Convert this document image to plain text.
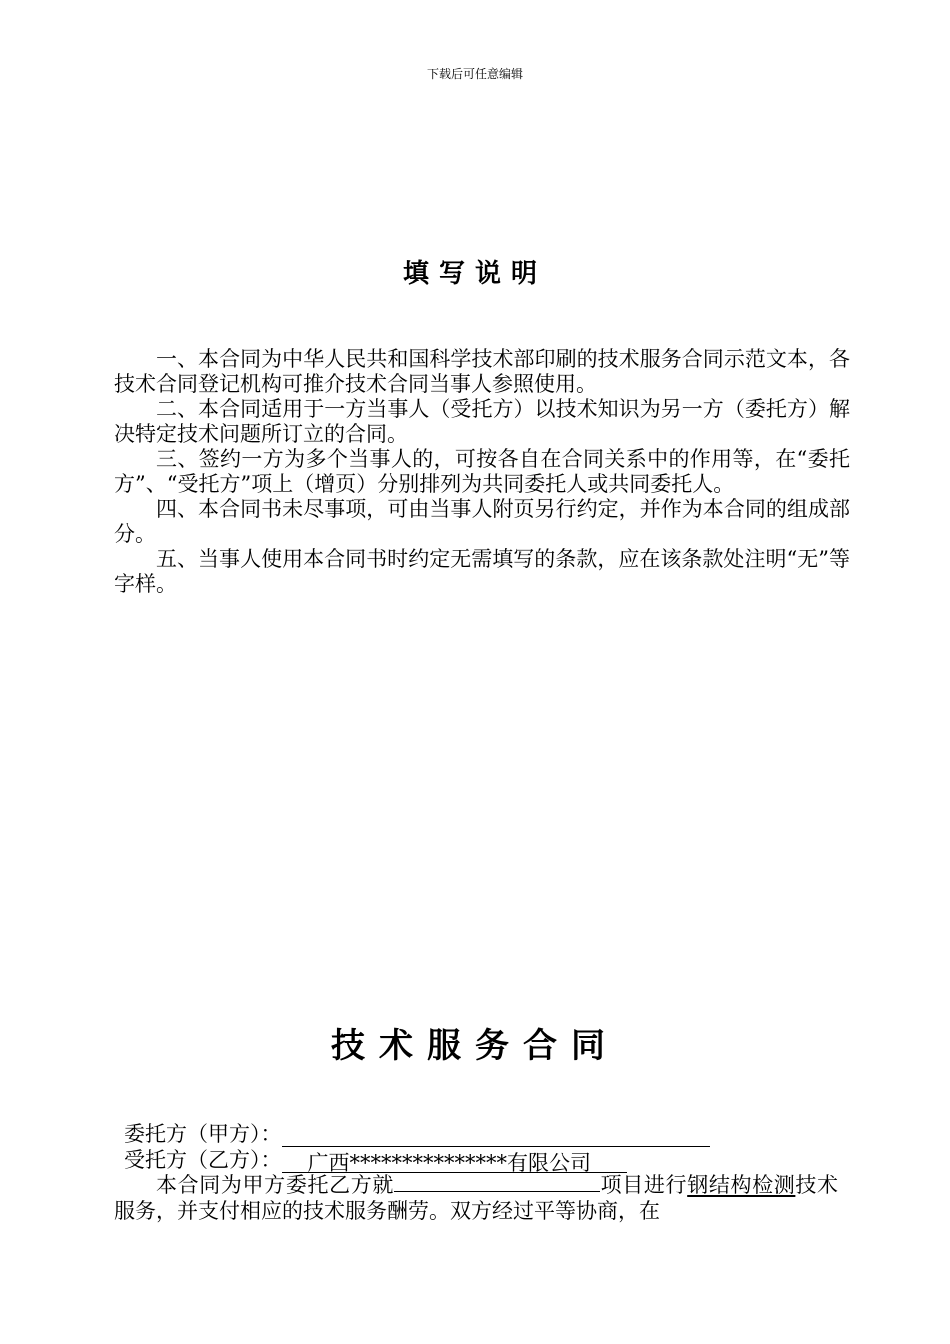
下载后可任意编辑
填写说明

一、本合同为中华人民共和国科学技术部印刷的技术服务合同示范文本，各技术合同登记机构可推介技术合同当事人参照使用。

二、本合同适用于一方当事人（受托方）以技术知识为另一方（委托方）解决特定技术问题所订立的合同。

三、签约一方为多个当事人的，可按各自在合同关系中的作用等，在“委托方”、“受托方”项上（增页）分别排列为共同委托人或共同委托人。

四、本合同书未尽事项，可由当事人附页另行约定，并作为本合同的组成部分。

五、当事人使用本合同书时约定无需填写的条款，应在该条款处注明“无”等字样。

技术服务合同
委托方（甲方）：
受托方（乙方）：	广西***************有限公司

本合同为甲方委托乙方就	项目进行钢结构检测技术服务，并支付相应的技术服务酬劳。双方经过平等协商，在
